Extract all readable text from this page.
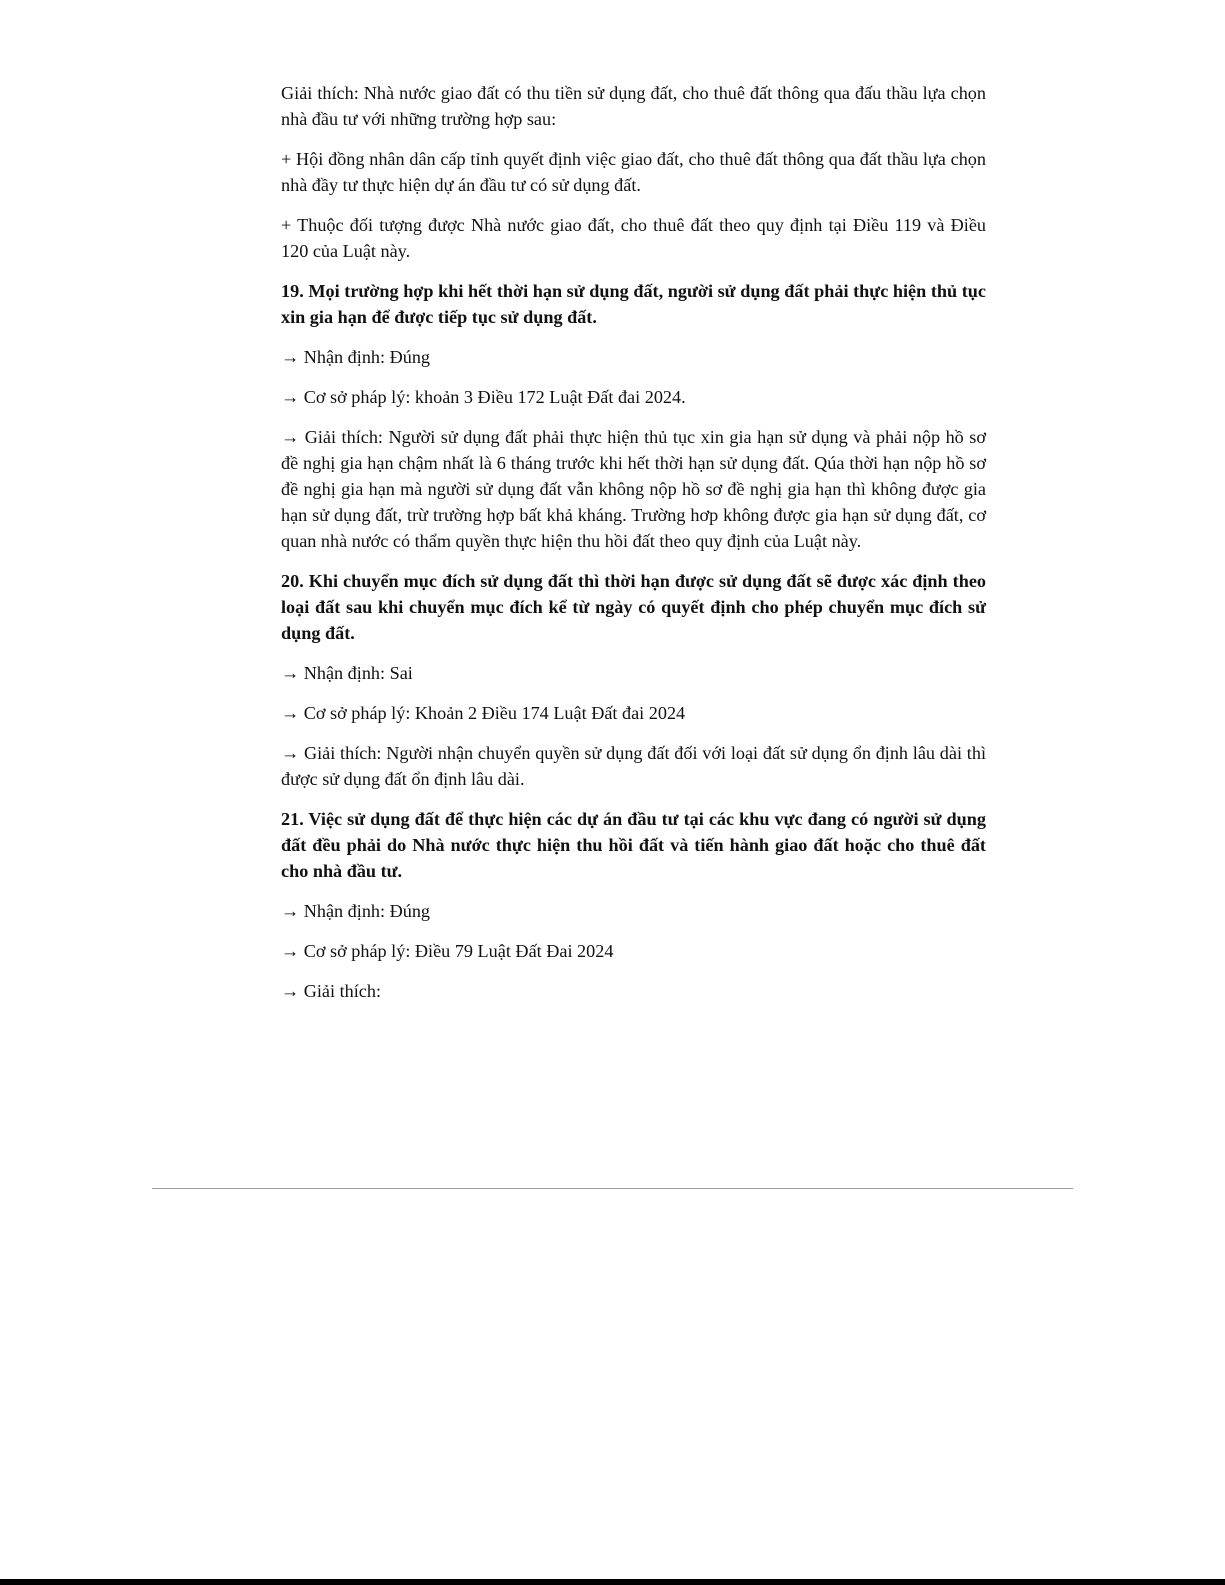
Giải thích: Nhà nước giao đất có thu tiền sử dụng đất, cho thuê đất thông qua đấu thầu lựa chọn nhà đầu tư với những trường hợp sau:

+ Hội đồng nhân dân cấp tỉnh quyết định việc giao đất, cho thuê đất thông qua đất thầu lựa chọn nhà đầy tư thực hiện dự án đầu tư có sử dụng đất.

+ Thuộc đối tượng được Nhà nước giao đất, cho thuê đất theo quy định tại Điều 119 và Điều 120 của Luật này.

19. Mọi trường hợp khi hết thời hạn sử dụng đất, người sử dụng đất phải thực hiện thủ tục xin gia hạn để được tiếp tục sử dụng đất.

→ Nhận định: Đúng

→ Cơ sở pháp lý: khoản 3 Điều 172 Luật Đất đai 2024.

→ Giải thích: Người sử dụng đất phải thực hiện thủ tục xin gia hạn sử dụng và phải nộp hồ sơ đề nghị gia hạn chậm nhất là 6 tháng trước khi hết thời hạn sử dụng đất. Qúa thời hạn nộp hồ sơ đề nghị gia hạn mà người sử dụng đất vẫn không nộp hồ sơ đề nghị gia hạn thì không được gia hạn sử dụng đất, trừ trường hợp bất khả kháng. Trường hơp không được gia hạn sử dụng đất, cơ quan nhà nước có thẩm quyền thực hiện thu hồi đất theo quy định của Luật này.

20. Khi chuyển mục đích sử dụng đất thì thời hạn được sử dụng đất sẽ được xác định theo loại đất sau khi chuyển mục đích kể từ ngày có quyết định cho phép chuyển mục đích sử dụng đất.

→ Nhận định: Sai

→ Cơ sở pháp lý: Khoản 2 Điều 174 Luật Đất đai 2024

→ Giải thích: Người nhận chuyển quyền sử dụng đất đối với loại đất sử dụng ổn định lâu dài thì được sử dụng đất ổn định lâu dài.

21. Việc sử dụng đất để thực hiện các dự án đầu tư tại các khu vực đang có người sử dụng đất đều phải do Nhà nước thực hiện thu hồi đất và tiến hành giao đất hoặc cho thuê đất cho nhà đầu tư.

→ Nhận định: Đúng

→ Cơ sở pháp lý: Điều 79 Luật Đất Đai 2024

→ Giải thích:
